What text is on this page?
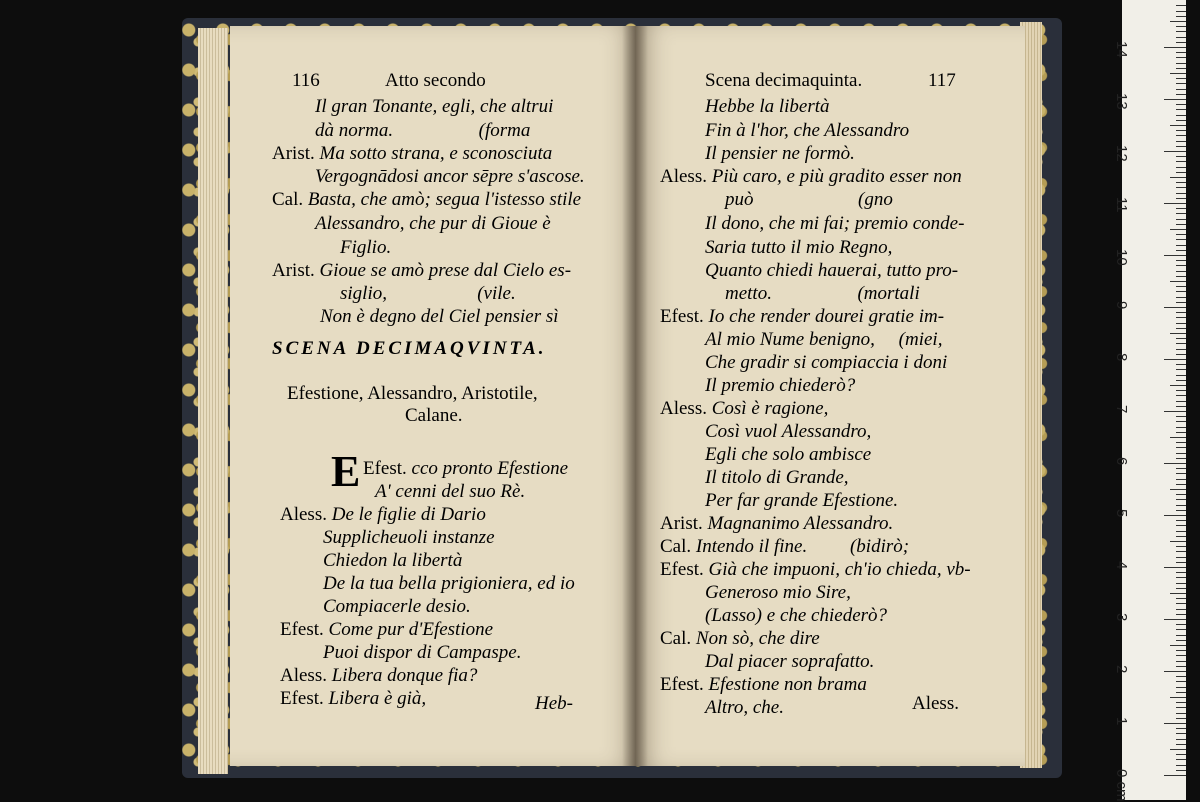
116	Atto secondo
Il gran Tonante, egli, che altrui
dà norma.                  (forma
Arist. Ma sotto strana, e sconosciuta
Vergognādosi ancor sēpre s'ascose.
Cal. Basta, che amò; segua l'istesso stile
Alessandro, che pur di Gioue è
Figlio.
Arist. Gioue se amò prese dal Cielo es-
siglio,                   (vile.
Non è degno del Ciel pensier sì
SCENA DECIMAQVINTA.
Efestione, Alessandro, Aristotile,
Calane.
E Efest. cco pronto Efestione
A' cenni del suo Rè.
Aless. De le figlie di Dario
Supplicheuoli instanze
Chiedon la libertà
De la tua bella prigioniera, ed io
Compiacerle desio.
Efest. Come pur d'Efestione
Puoi dispor di Campaspe.
Aless. Libera donque fia?
Efest. Libera è già,	Heb-
Scena decimaquinta.	117
Hebbe la libertà
Fin à l'hor, che Alessandro
Il pensier ne formò.
Aless. Più caro, e più gradito esser non
può                      (gno
Il dono, che mi fai; premio conde-
Saria tutto il mio Regno,
Quanto chiedi hauerai, tutto pro-
metto.                  (mortali
Efest. Io che render dourei gratie im-
Al mio Nume benigno,     (miei,
Che gradir si compiaccia i doni
Il premio chiederò?
Aless. Così è ragione,
Così vuol Alessandro,
Egli che solo ambisce
Il titolo di Grande,
Per far grande Efestione.
Arist. Magnanimo Alessandro.
Cal. Intendo il fine.         (bidirò;
Efest. Già che impuoni, ch'io chieda, vb-
Generoso mio Sire,
(Lasso) e che chiederò?
Cal. Non sò, che dire
Dal piacer soprafatto.
Efest. Efestione non brama
Altro, che.	Aless.
0 cm
1
2
3
4
5
6
7
8
9
10
11
12
13
14
